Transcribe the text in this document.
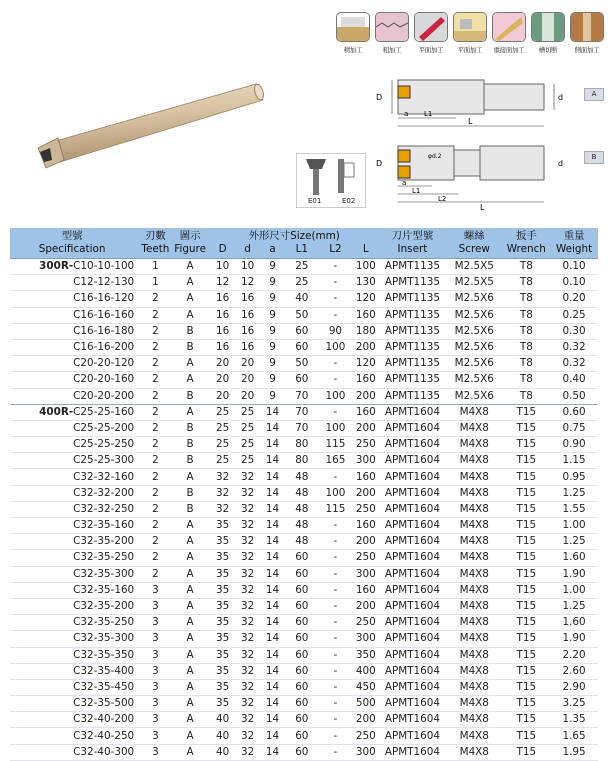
精加工	粗加工	平面加工	平面加工	重接面加工	槽切断	側面加工
E01	E02
D	d
a L1
L
A
D
φd.2
d
a
L1
L2
L
B
型號	刃數	圖示	外形尺寸Size(mm)						刀片型號	螺絲	扳手	重量
Specification	Teeth	Figure	D	d	a	L1	L2	L	Insert	Screw	Wrench	Weight
300R-C10-10-100	1	A	10	10	9	25	-	100	APMT1135	M2.5X5	T8	0.10
C12-12-130	1	A	12	12	9	25	-	130	APMT1135	M2.5X5	T8	0.10
C16-16-120	2	A	16	16	9	40	-	120	APMT1135	M2.5X6	T8	0.20
C16-16-160	2	A	16	16	9	50	-	160	APMT1135	M2.5X6	T8	0.25
C16-16-180	2	B	16	16	9	60	90	180	APMT1135	M2.5X6	T8	0.30
C16-16-200	2	B	16	16	9	60	100	200	APMT1135	M2.5X6	T8	0.32
C20-20-120	2	A	20	20	9	50	-	120	APMT1135	M2.5X6	T8	0.32
C20-20-160	2	A	20	20	9	60	-	160	APMT1135	M2.5X6	T8	0.40
C20-20-200	2	B	20	20	9	70	100	200	APMT1135	M2.5X6	T8	0.50
400R-C25-25-160	2	A	25	25	14	70	-	160	APMT1604	M4X8	T15	0.60
C25-25-200	2	B	25	25	14	70	100	200	APMT1604	M4X8	T15	0.75
C25-25-250	2	B	25	25	14	80	115	250	APMT1604	M4X8	T15	0.90
C25-25-300	2	B	25	25	14	80	165	300	APMT1604	M4X8	T15	1.15
C32-32-160	2	A	32	32	14	48	-	160	APMT1604	M4X8	T15	0.95
C32-32-200	2	B	32	32	14	48	100	200	APMT1604	M4X8	T15	1.25
C32-32-250	2	B	32	32	14	48	115	250	APMT1604	M4X8	T15	1.55
C32-35-160	2	A	35	32	14	48	-	160	APMT1604	M4X8	T15	1.00
C32-35-200	2	A	35	32	14	48	-	200	APMT1604	M4X8	T15	1.25
C32-35-250	2	A	35	32	14	60	-	250	APMT1604	M4X8	T15	1.60
C32-35-300	2	A	35	32	14	60	-	300	APMT1604	M4X8	T15	1.90
C32-35-160	3	A	35	32	14	60	-	160	APMT1604	M4X8	T15	1.00
C32-35-200	3	A	35	32	14	60	-	200	APMT1604	M4X8	T15	1.25
C32-35-250	3	A	35	32	14	60	-	250	APMT1604	M4X8	T15	1.60
C32-35-300	3	A	35	32	14	60	-	300	APMT1604	M4X8	T15	1.90
C32-35-350	3	A	35	32	14	60	-	350	APMT1604	M4X8	T15	2.20
C32-35-400	3	A	35	32	14	60	-	400	APMT1604	M4X8	T15	2.60
C32-35-450	3	A	35	32	14	60	-	450	APMT1604	M4X8	T15	2.90
C32-35-500	3	A	35	32	14	60	-	500	APMT1604	M4X8	T15	3.25
C32-40-200	3	A	40	32	14	60	-	200	APMT1604	M4X8	T15	1.35
C32-40-250	3	A	40	32	14	60	-	250	APMT1604	M4X8	T15	1.65
C32-40-300	3	A	40	32	14	60	-	300	APMT1604	M4X8	T15	1.95
